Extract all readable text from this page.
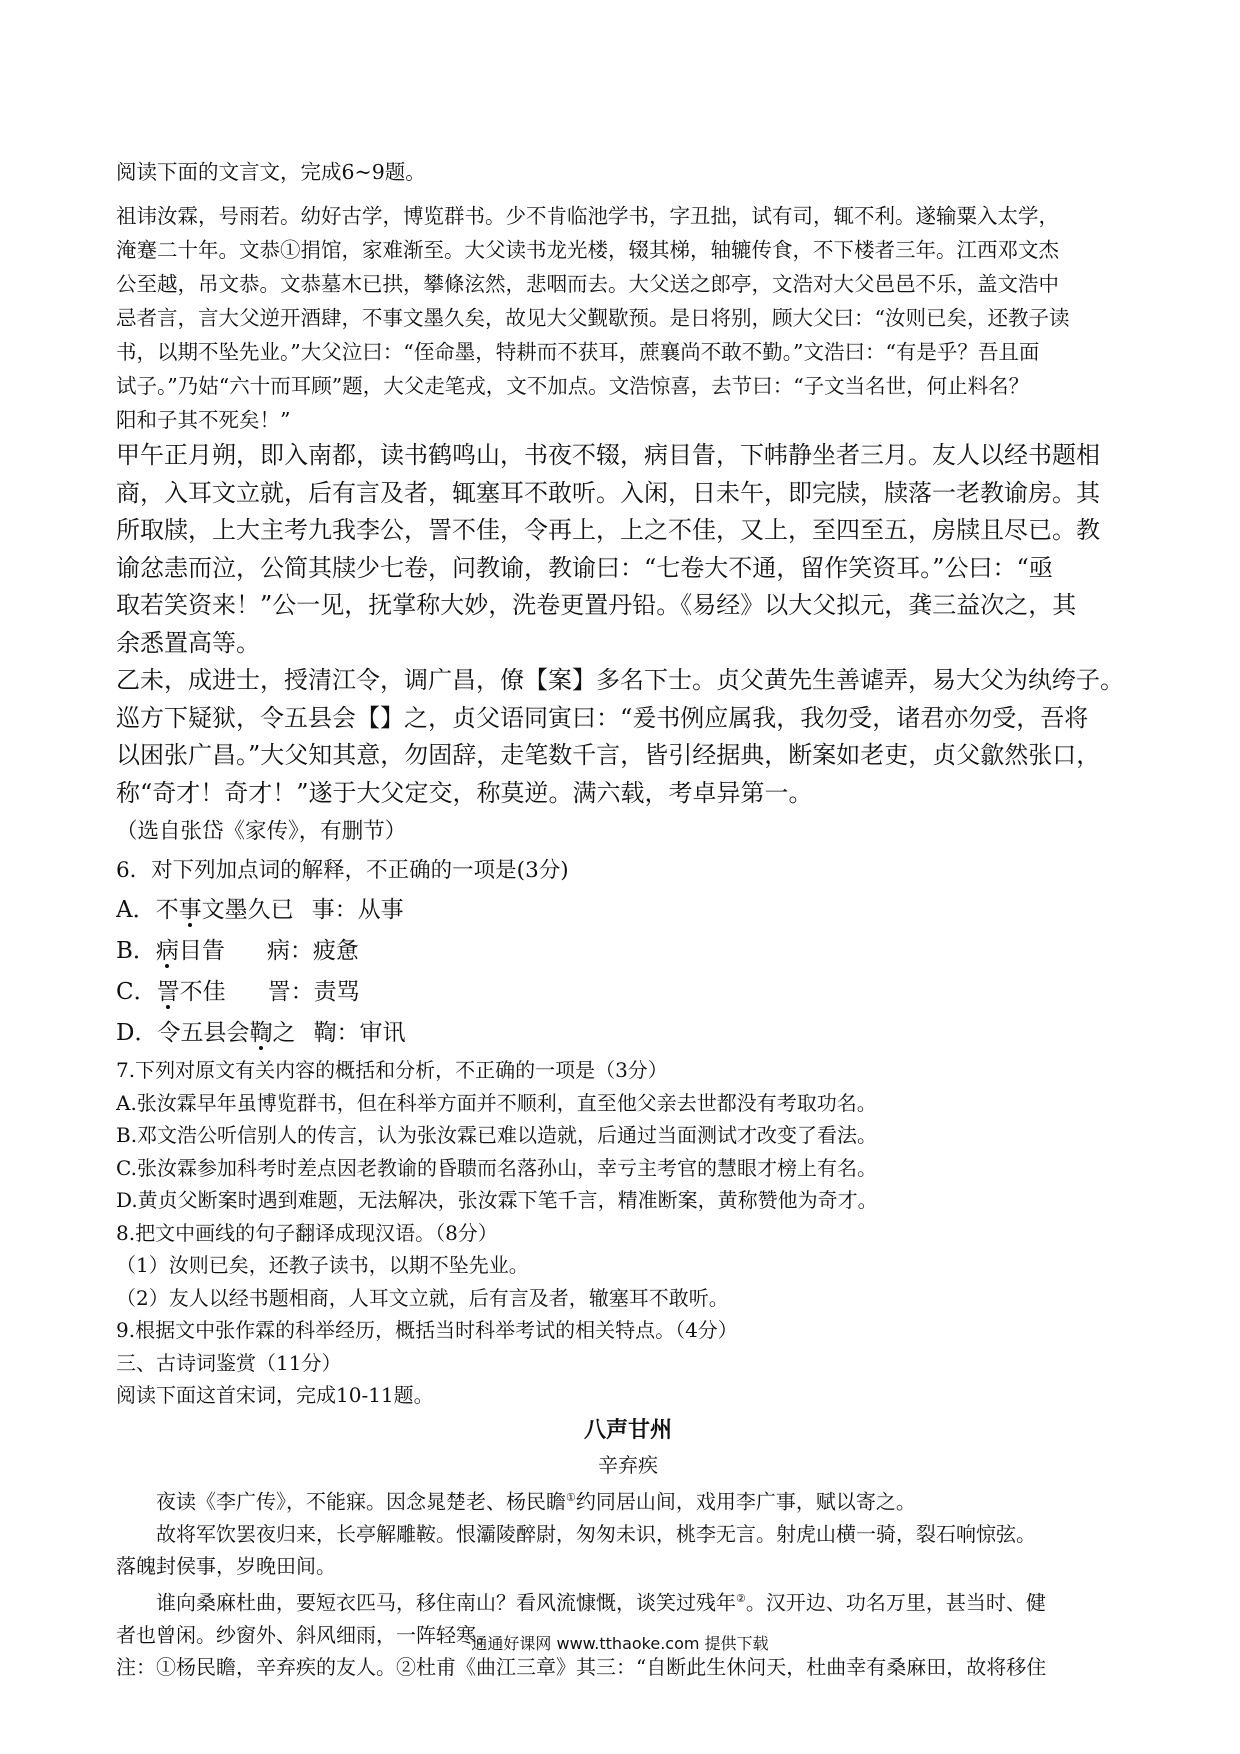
阅读下面的文言文，完成6~9题。
祖讳汝霖，号雨若。幼好古学，博览群书。少不肯临池学书，字丑拙，试有司，辄不利。遂输粟入太学，
淹蹇二十年。文恭①捐馆，家难渐至。大父读书龙光楼，辍其梯，轴辘传食，不下楼者三年。江西邓文杰
公至越，吊文恭。文恭墓木已拱，攀條泫然，悲咽而去。大父送之郎亭，文浩对大父邑邑不乐，盖文浩中
忌者言，言大父逆开酒肆，不事文墨久矣，故见大父觐歇预。是日将别，顾大父曰：“汝则已矣，还教子读
书，以期不坠先业。”大父泣曰：“侄命墨，特耕而不获耳，蔗襄尚不敢不勤。”文浩曰：“有是乎？吾且面
试子。”乃姑“六十而耳顾”题，大父走笔戎，文不加点。文浩惊喜，去节曰：“子文当名世，何止料名？
阳和子其不死矣！”
甲午正月朔，即入南都，读书鹤鸣山，书夜不辍，病目眚，下帏静坐者三月。友人以经书题相
商，入耳文立就，后有言及者，辄塞耳不敢听。入闲，日未午，即完牍，牍落一老教谕房。其
所取牍，上大主考九我李公，詈不佳，令再上，上之不佳，又上，至四至五，房牍且尽已。教
谕忿恚而泣，公简其牍少七卷，问教谕，教谕曰：“七卷大不通，留作笑资耳。”公曰：“亟
取若笑资来！”公一见，抚掌称大妙，洗卷更置丹铅。《易经》以大父拟元，龚三益次之，其
余悉置高等。
乙未，成进士，授清江令，调广昌，僚【案】多名下士。贞父黄先生善谑弄，易大父为纨绔子。
巡方下疑狱，令五县会【】之，贞父语同寅曰：“爰书例应属我，我勿受，诸君亦勿受，吾将
以困张广昌。”大父知其意，勿固辞，走笔数千言，皆引经据典，断案如老吏，贞父歙然张口，
称“奇才！奇才！”遂于大父定交，称莫逆。满六载，考卓异第一。
（选自张岱《家传》，有删节）
6．对下列加点词的解释，不正确的一项是(3分)
A．不事文墨久已 事：从事
B．病目眚 病：疲惫
C．詈不佳 詈：责骂
D．令五县会鞫之 鞫：审讯
7.下列对原文有关内容的概括和分析，不正确的一项是（3分）
A.张汝霖早年虽博览群书，但在科举方面并不顺利，直至他父亲去世都没有考取功名。
B.邓文浩公听信别人的传言，认为张汝霖已难以造就，后通过当面测试才改变了看法。
C.张汝霖参加科考时差点因老教谕的昏聩而名落孙山，幸亏主考官的慧眼才榜上有名。
D.黄贞父断案时遇到难题，无法解决，张汝霖下笔千言，精准断案，黄称赞他为奇才。
8.把文中画线的句子翻译成现汉语。（8分）
（1）汝则已矣，还教子读书，以期不坠先业。
（2）友人以经书题相商，人耳文立就，后有言及者，辙塞耳不敢听。
9.根据文中张作霖的科举经历，概括当时科举考试的相关特点。（4分）
三、古诗词鉴赏（11分）
阅读下面这首宋词，完成10-11题。
八声甘州
辛弃疾
夜读《李广传》，不能寐。因念晁楚老、杨民瞻①约同居山间，戏用李广事，赋以寄之。
故将军饮罢夜归来，长亭解雕鞍。恨灞陵醉尉，匆匆未识，桃李无言。射虎山横一骑，裂石响惊弦。
落魄封侯事，岁晚田间。
谁向桑麻杜曲，要短衣匹马，移住南山？看风流慷慨，谈笑过残年②。汉开边、功名万里，甚当时、健
者也曾闲。纱窗外、斜风细雨，一阵轻寒。
注：①杨民瞻，辛弃疾的友人。②杜甫《曲江三章》其三：“自断此生休问天，杜曲幸有桑麻田，故将移住
通通好课网 www.tthaoke.com 提供下载
